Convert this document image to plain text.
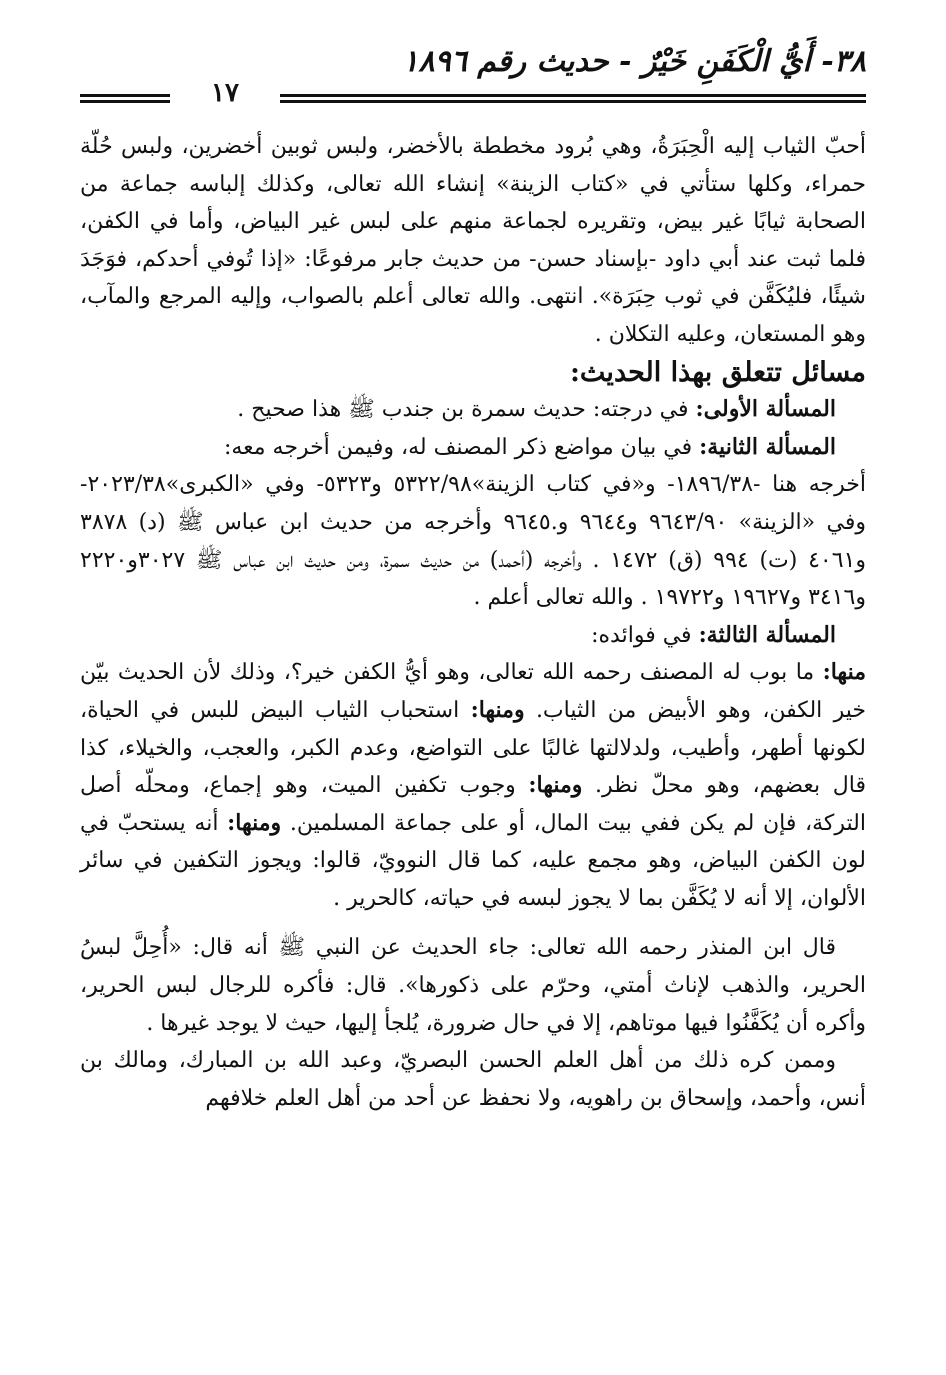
٣٨- أَيُّ الْكَفَنِ خَيْرٌ - حديث رقم ١٨٩٦
١٧

أحبّ الثياب إليه الْحِبَرَةُ، وهي بُرود مخططة بالأخضر، ولبس ثوبين أخضرين، ولبس حُلّة حمراء، وكلها ستأتي في «كتاب الزينة» إنشاء الله تعالى، وكذلك إلباسه جماعة من الصحابة ثيابًا غير بيض، وتقريره لجماعة منهم على لبس غير البياض، وأما في الكفن، فلما ثبت عند أبي داود -بإسناد حسن- من حديث جابر مرفوعًا: «إذا تُوفي أحدكم، فوَجَدَ شيئًا، فليُكَفَّن في ثوب حِبَرَة». انتهى. والله تعالى أعلم بالصواب، وإليه المرجع والمآب، وهو المستعان، وعليه التكلان .

مسائل تتعلق بهذا الحديث:

المسألة الأولى: في درجته: حديث سمرة بن جندب ﷺ هذا صحيح .

المسألة الثانية: في بيان مواضع ذكر المصنف له، وفيمن أخرجه معه:

أخرجه هنا -١٨٩٦/٣٨- و«في كتاب الزينة»٥٣٢٢/٩٨ و٥٣٢٣- وفي «الكبرى»٢٠٢٣/٣٨- وفي «الزينة» ٩٦٤٣/٩٠ و٩٦٤٤ و.٩٦٤٥ وأخرجه من حديث ابن عباس ﷺ (د) ٣٨٧٨ و٤٠٦١ (ت) ٩٩٤ (ق) ١٤٧٢ . وأخرجه (أحمد) من حديث سمرة، ومن حديث ابن عباس ﷺ ٣٠٢٧و٢٢٢٠ و٣٤١٦ و١٩٦٢٧ و١٩٧٢٢ . والله تعالى أعلم .

المسألة الثالثة: في فوائده:

منها: ما بوب له المصنف رحمه الله تعالى، وهو أيُّ الكفن خير؟، وذلك لأن الحديث بيّن خير الكفن، وهو الأبيض من الثياب. ومنها: استحباب الثياب البيض للبس في الحياة، لكونها أطهر، وأطيب، ولدلالتها غالبًا على التواضع، وعدم الكبر، والعجب، والخيلاء، كذا قال بعضهم، وهو محلّ نظر. ومنها: وجوب تكفين الميت، وهو إجماع، ومحلّه أصل التركة، فإن لم يكن ففي بيت المال، أو على جماعة المسلمين. ومنها: أنه يستحبّ في لون الكفن البياض، وهو مجمع عليه، كما قال النوويّ، قالوا: ويجوز التكفين في سائر الألوان، إلا أنه لا يُكَفَّن بما لا يجوز لبسه في حياته، كالحرير .

قال ابن المنذر رحمه الله تعالى: جاء الحديث عن النبي ﷺ أنه قال: «أُحِلَّ لبسُ الحرير، والذهب لإناث أمتي، وحرّم على ذكورها». قال: فأكره للرجال لبس الحرير، وأكره أن يُكَفَّنُوا فيها موتاهم، إلا في حال ضرورة، يُلجأ إليها، حيث لا يوجد غيرها .

وممن كره ذلك من أهل العلم الحسن البصريّ، وعبد الله بن المبارك، ومالك بن أنس، وأحمد، وإسحاق بن راهويه، ولا نحفظ عن أحد من أهل العلم خلافهم
